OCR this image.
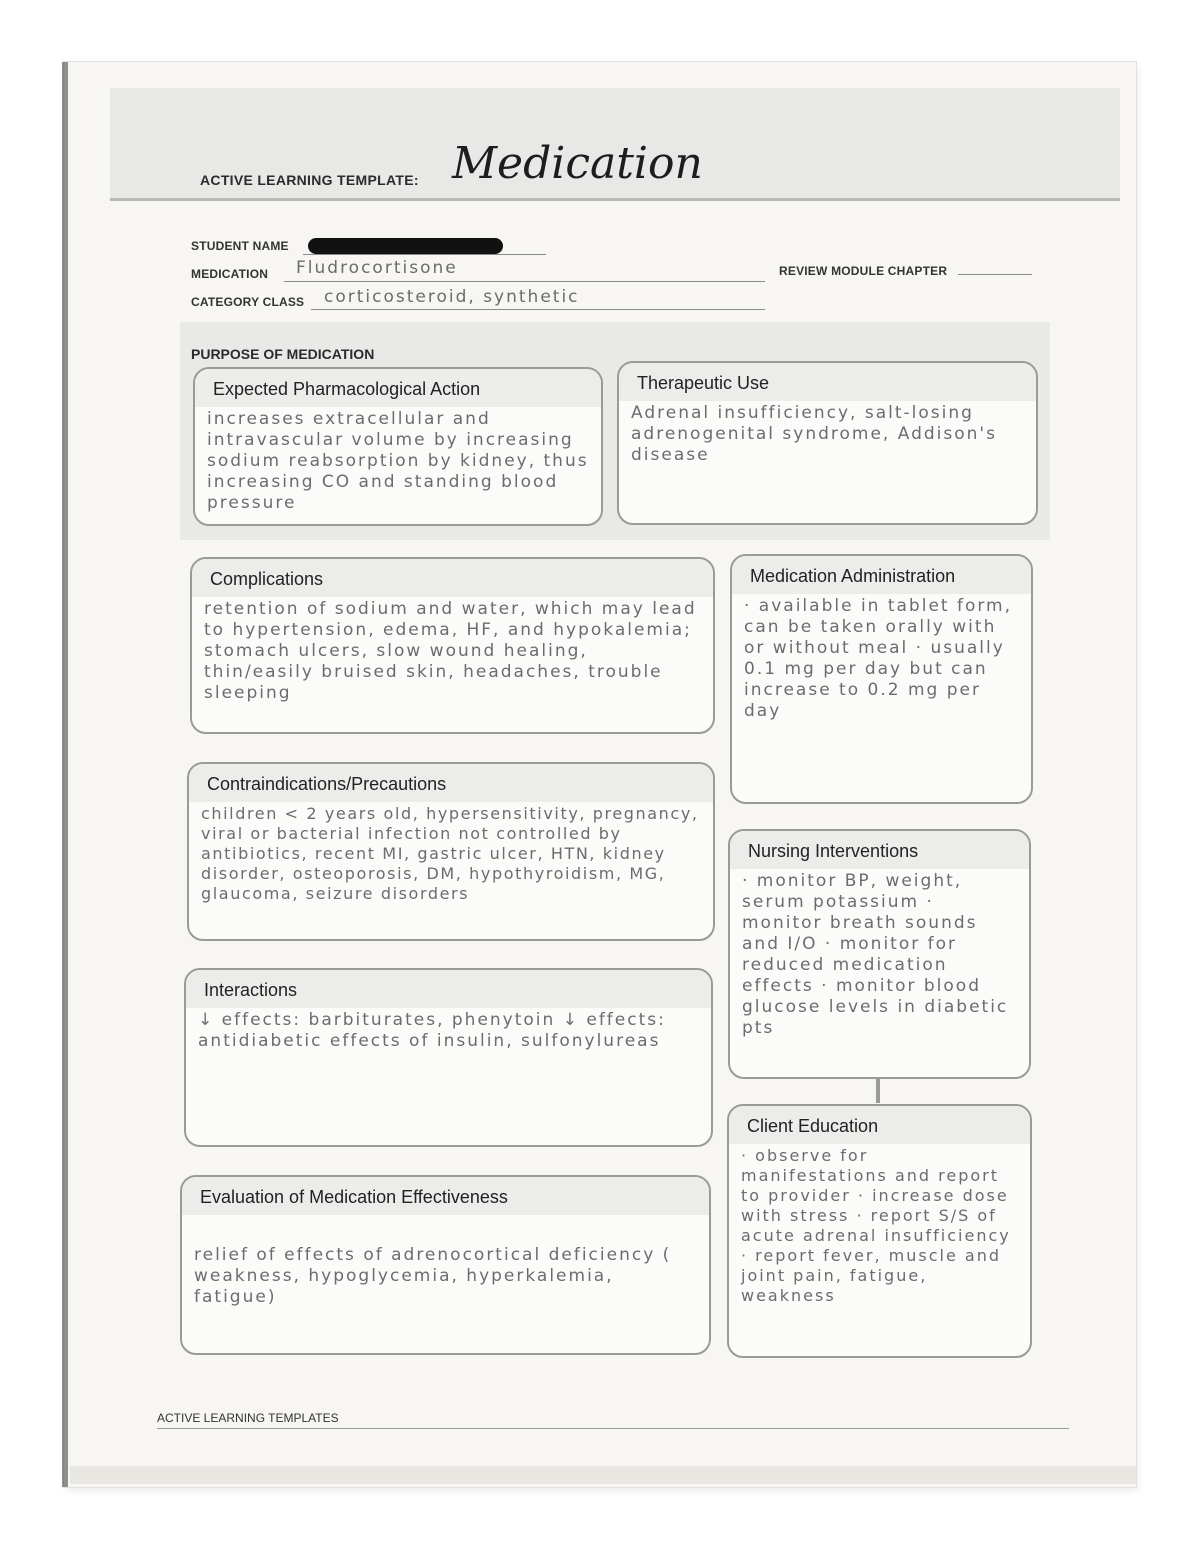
ACTIVE LEARNING TEMPLATE: Medication
STUDENT NAME
MEDICATION Fludrocortisone	REVIEW MODULE CHAPTER
CATEGORY CLASS corticosteroid, synthetic
PURPOSE OF MEDICATION
Expected Pharmacological Action
increases extracellular and intravascular volume by increasing sodium reabsorption by kidney, thus increasing CO and standing blood pressure
Therapeutic Use
Adrenal insufficiency, salt-losing adrenogenital syndrome, Addison's disease
Complications
retention of sodium and water, which may lead to hypertension, edema, HF, and hypokalemia; stomach ulcers, slow wound healing, thin/easily bruised skin, headaches, trouble sleeping
Medication Administration
· available in tablet form, can be taken orally with or without meal · usually 0.1 mg per day but can increase to 0.2 mg per day
Contraindications/Precautions
children < 2 years old, hypersensitivity, pregnancy, viral or bacterial infection not controlled by antibiotics, recent MI, gastric ulcer, HTN, kidney disorder, osteoporosis, DM, hypothyroidism, MG, glaucoma, seizure disorders
Nursing Interventions
· monitor BP, weight, serum potassium · monitor breath sounds and I/O · monitor for reduced medication effects · monitor blood glucose levels in diabetic pts
Interactions
↓ effects: barbiturates, phenytoin ↓ effects: antidiabetic effects of insulin, sulfonylureas
Client Education
· observe for manifestations and report to provider · increase dose with stress · report S/S of acute adrenal insufficiency · report fever, muscle and joint pain, fatigue, weakness
Evaluation of Medication Effectiveness
relief of effects of adrenocortical deficiency ( weakness, hypoglycemia, hyperkalemia, fatigue)
ACTIVE LEARNING TEMPLATES
